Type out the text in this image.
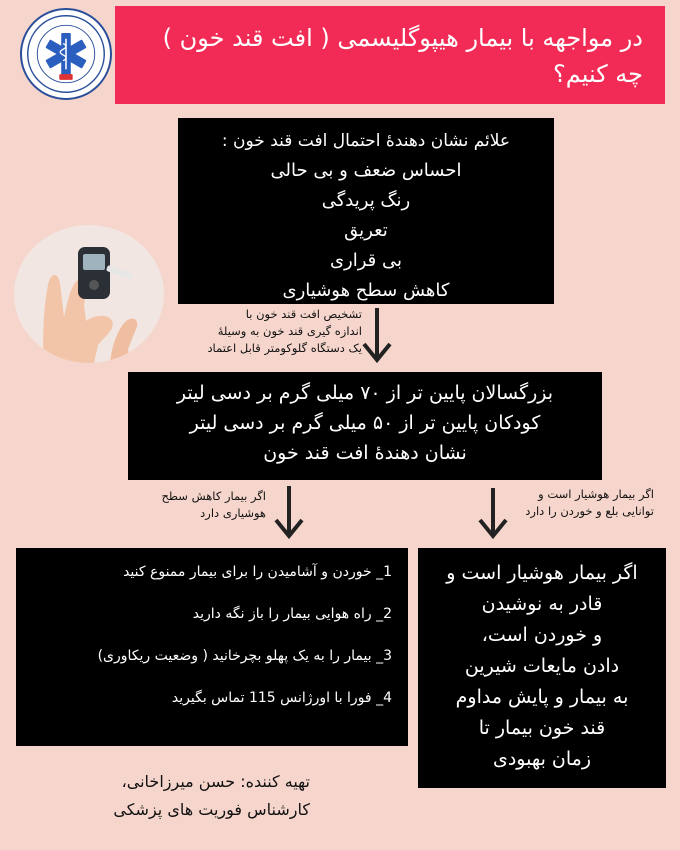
در مواجهه با بیمار هیپوگلیسمی ( افت قند خون )
چه کنیم؟
علائم نشان دهندهٔ احتمال افت قند خون :
احساس ضعف و بی حالی
رنگ پریدگی
تعریق
بی قراری
کاهش سطح هوشیاری
تشخیص افت قند خون با
اندازه گیری قند خون به وسیلهٔ
یک دستگاه گلوکومتر قابل اعتماد
بزرگسالان پایین تر از ۷۰ میلی گرم بر دسی لیتر
کودکان پایین تر از ۵۰ میلی گرم بر دسی لیتر
نشان دهندهٔ افت قند خون
اگر بیمار کاهش سطح
هوشیاری دارد
اگر بیمار هوشیار است و
توانایی بلع و خوردن را دارد
1_ خوردن و آشامیدن را برای بیمار ممنوع کنید
2_ راه هوایی بیمار را باز نگه دارید
3_ بیمار را به یک پهلو بچرخانید ( وضعیت ریکاوری)
4_ فورا با اورژانس 115 تماس بگیرید
اگر بیمار هوشیار است و
قادر به نوشیدن
و خوردن است،
دادن مایعات شیرین
به بیمار و پایش مداوم
قند خون بیمار تا
زمان بهبودی
تهیه کننده: حسن میرزاخانی،
کارشناس فوریت های پزشکی
